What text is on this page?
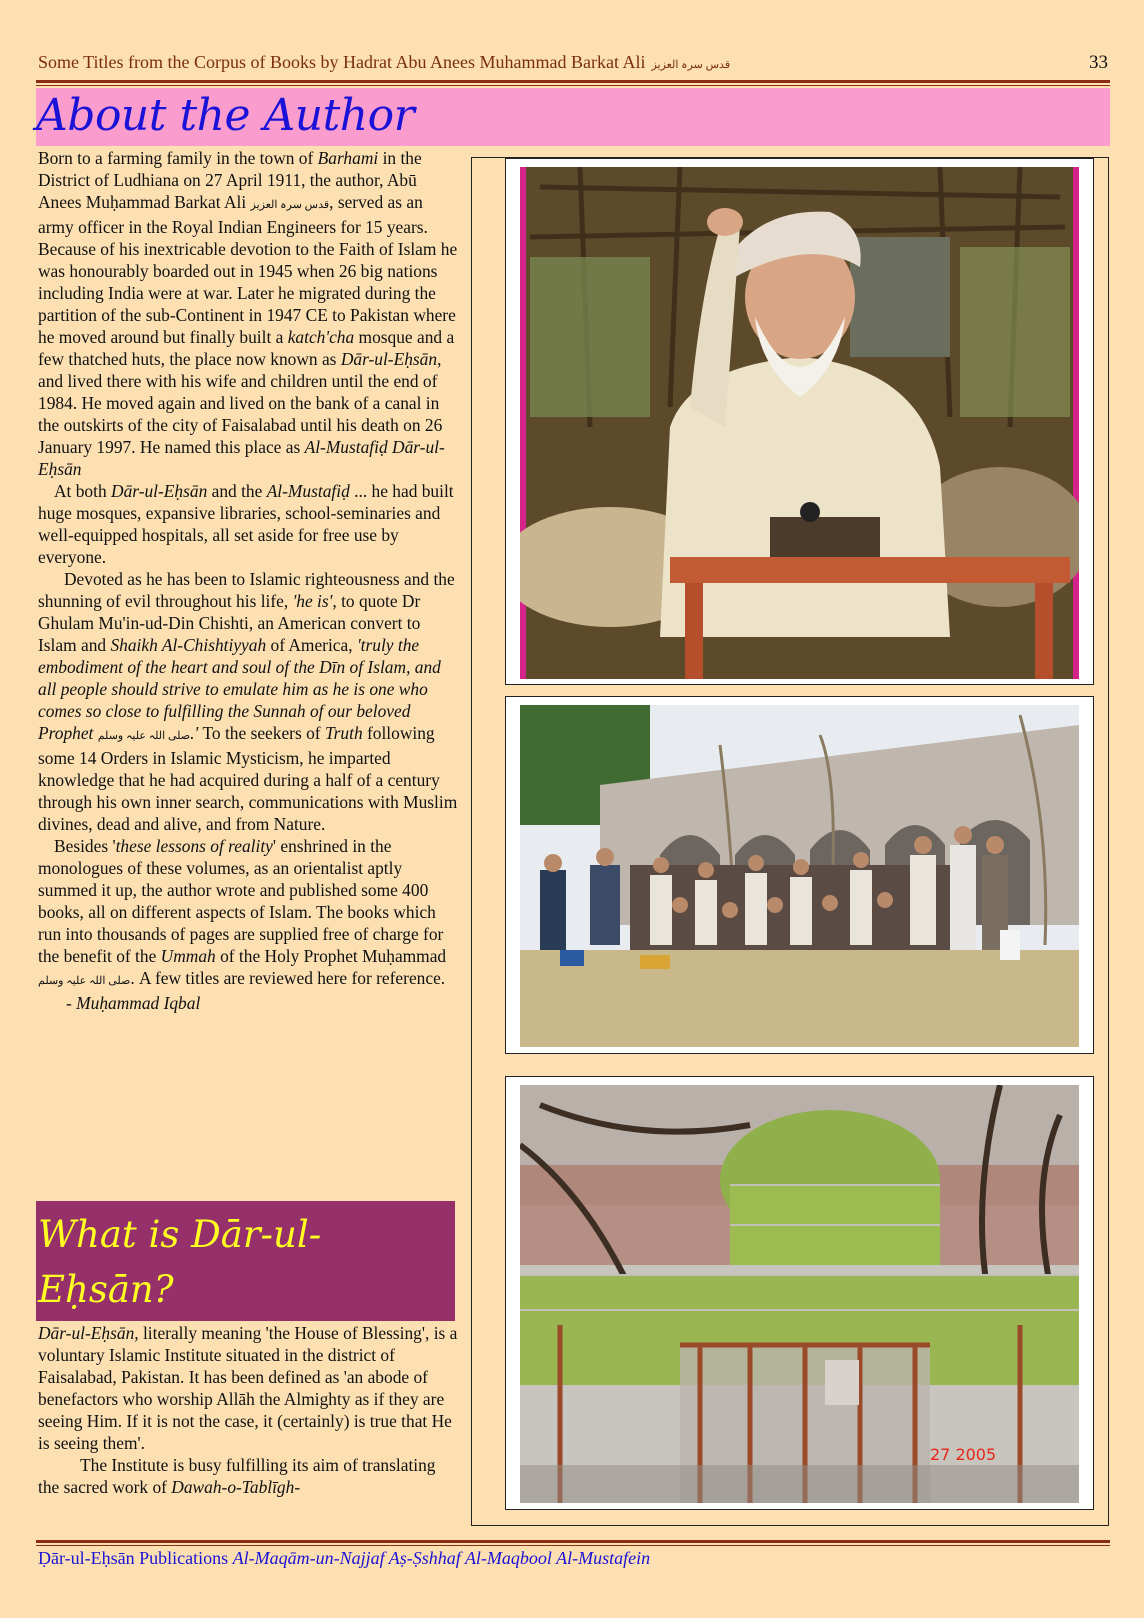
Some Titles from the Corpus of Books by Hadrat Abu Anees Muhammad Barkat Ali قدس سرہ العزیز	33
About the Author

Born to a farming family in the town of Barhami in the District of Ludhiana on 27 April 1911, the author, Abū Anees Muḥammad Barkat Ali قدس سرہ العزیز, served as an army officer in the Royal Indian Engineers for 15 years. Because of his inextricable devotion to the Faith of Islam he was honourably boarded out in 1945 when 26 big nations including India were at war. Later he migrated during the partition of the sub-Continent in 1947 CE to Pakistan where he moved around but finally built a katch'cha mosque and a few thatched huts, the place now known as Dār-ul-Eḥsān, and lived there with his wife and children until the end of 1984. He moved again and lived on the bank of a canal in the outskirts of the city of Faisalabad until his death on 26 January 1997. He named this place as Al-Mustafiḍ Dār-ul-Eḥsān

At both Dār-ul-Eḥsān and the Al-Mustafiḍ ... he had built huge mosques, expansive libraries, school-seminaries and well-equipped hospitals, all set aside for free use by everyone.

Devoted as he has been to Islamic righteousness and the shunning of evil throughout his life, 'he is', to quote Dr Ghulam Mu'in-ud-Din Chishti, an American convert to Islam and Shaikh Al-Chishtiyyah of America, 'truly the embodiment of the heart and soul of the Dīn of Islam, and all people should strive to emulate him as he is one who comes so close to fulfilling the Sunnah of our beloved Prophet صلی اللہ علیہ وسلم.' To the seekers of Truth following some 14 Orders in Islamic Mysticism, he imparted knowledge that he had acquired during a half of a century through his own inner search, communications with Muslim divines, dead and alive, and from Nature.

Besides 'these lessons of reality' enshrined in the monologues of these volumes, as an orientalist aptly summed it up, the author wrote and published some 400 books, all on different aspects of Islam. The books which run into thousands of pages are supplied free of charge for the benefit of the Ummah of the Holy Prophet Muḥammad صلی اللہ علیہ وسلم. A few titles are reviewed here for reference.

- Muḥammad Iqbal

What is Dār-ul-Eḥsān?

Dār-ul-Eḥsān, literally meaning 'the House of Blessing', is a voluntary Islamic Institute situated in the district of Faisalabad, Pakistan. It has been defined as 'an abode of benefactors who worship Allāh the Almighty as if they are seeing Him. If it is not the case, it (certainly) is true that He is seeing them'.

The Institute is busy fulfilling its aim of translating the sacred work of Dawah-o-Tablīgh-

27 2005
Ḍār-ul-Eḥsān Publications Al-Maqām-un-Najjaf Aṣ-Ṣshhaf Al-Maqbool Al-Mustafein
